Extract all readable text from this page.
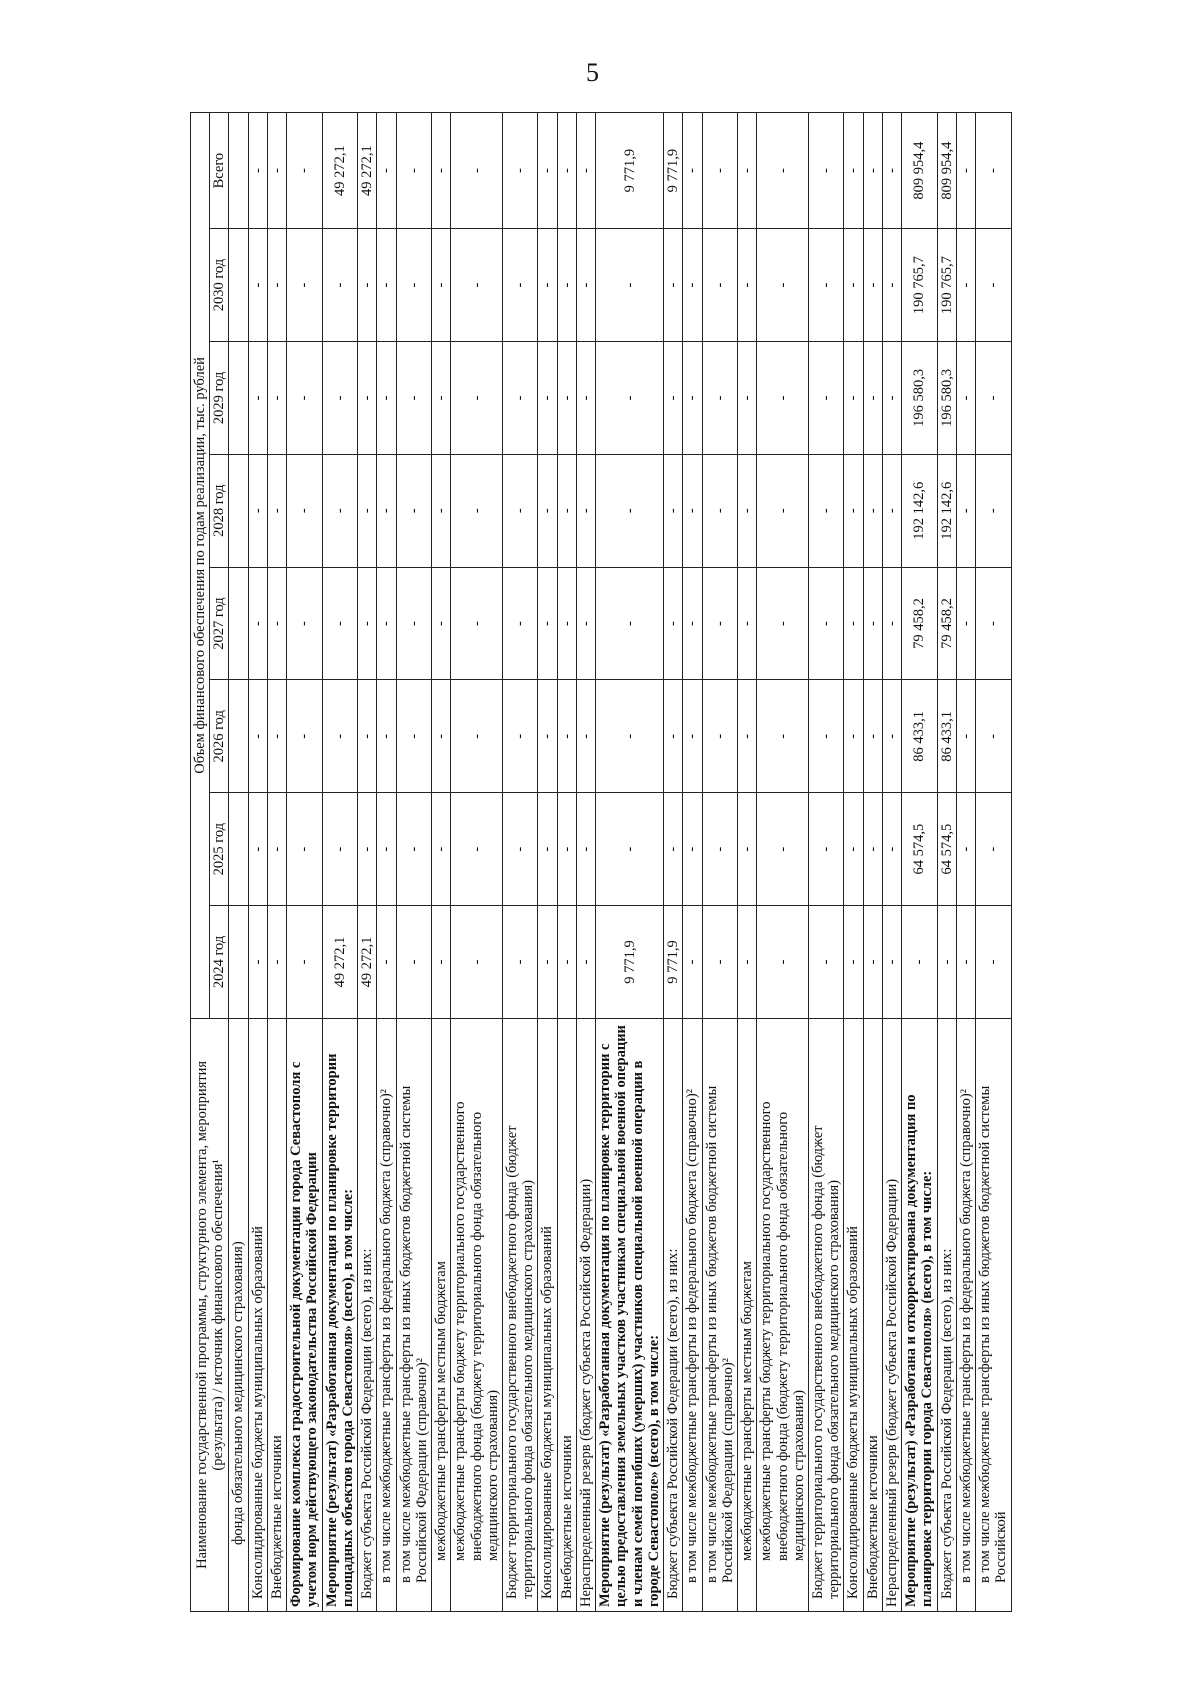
5
Наименование государственной программы, структурного элемента, мероприятия (результата) / источник финансового обеспечения¹	Объем финансового обеспечения по годам реализации, тыс. рублей							
	2024 год	2025 год	2026 год	2027 год	2028 год	2029 год	2030 год	Всего
фонда обязательного медицинского страхования)								
Консолидированные бюджеты муниципальных образований	-	-	-	-	-	-	-	-
Внебюджетные источники	-	-	-	-	-	-	-	-
Формирование комплекса градостроительной документации города Севастополя с учетом норм действующего законодательства Российской Федерации	-	-	-	-	-	-	-	-
Мероприятие (результат) «Разработанная документация по планировке территории площадных объектов города Севастополя» (всего), в том числе:	49 272,1	-	-	-	-	-	-	49 272,1
Бюджет субъекта Российской Федерации (всего), из них:	49 272,1	-	-	-	-	-	-	49 272,1
в том числе межбюджетные трансферты из федерального бюджета (справочно)²	-	-	-	-	-	-	-	-
в том числе межбюджетные трансферты из иных бюджетов бюджетной системы Российской Федерации (справочно)²	-	-	-	-	-	-	-	-
межбюджетные трансферты местным бюджетам	-	-	-	-	-	-	-	-
межбюджетные трансферты бюджету территориального государственного внебюджетного фонда (бюджету территориального фонда обязательного медицинского страхования)	-	-	-	-	-	-	-	-
Бюджет территориального государственного внебюджетного фонда (бюджет территориального фонда обязательного медицинского страхования)	-	-	-	-	-	-	-	-
Консолидированные бюджеты муниципальных образований	-	-	-	-	-	-	-	-
Внебюджетные источники	-	-	-	-	-	-	-	-
Нераспределенный резерв (бюджет субъекта Российской Федерации)	-	-	-	-	-	-	-	-
Мероприятие (результат) «Разработанная документация по планировке территории с целью предоставления земельных участков участникам специальной военной операции и членам семей погибших (умерших) участников специальной военной операции в городе Севастополе» (всего), в том числе:	9 771,9	-	-	-	-	-	-	9 771,9
Бюджет субъекта Российской Федерации (всего), из них:	9 771,9	-	-	-	-	-	-	9 771,9
в том числе межбюджетные трансферты из федерального бюджета (справочно)²	-	-	-	-	-	-	-	-
в том числе межбюджетные трансферты из иных бюджетов бюджетной системы Российской Федерации (справочно)²	-	-	-	-	-	-	-	-
межбюджетные трансферты местным бюджетам	-	-	-	-	-	-	-	-
межбюджетные трансферты бюджету территориального государственного внебюджетного фонда (бюджету территориального фонда обязательного медицинского страхования)	-	-	-	-	-	-	-	-
Бюджет территориального государственного внебюджетного фонда (бюджет территориального фонда обязательного медицинского страхования)	-	-	-	-	-	-	-	-
Консолидированные бюджеты муниципальных образований	-	-	-	-	-	-	-	-
Внебюджетные источники	-	-	-	-	-	-	-	-
Нераспределенный резерв (бюджет субъекта Российской Федерации)	-	-	-	-	-	-	-	-
Мероприятие (результат) «Разработана и откорректирована документация по планировке территории города Севастополя» (всего), в том числе:	-	64 574,5	86 433,1	79 458,2	192 142,6	196 580,3	190 765,7	809 954,4
Бюджет субъекта Российской Федерации (всего), из них:	-	64 574,5	86 433,1	79 458,2	192 142,6	196 580,3	190 765,7	809 954,4
в том числе межбюджетные трансферты из федерального бюджета (справочно)²	-	-	-	-	-	-	-	-
в том числе межбюджетные трансферты из иных бюджетов бюджетной системы Российской	-	-	-	-	-	-	-	-
